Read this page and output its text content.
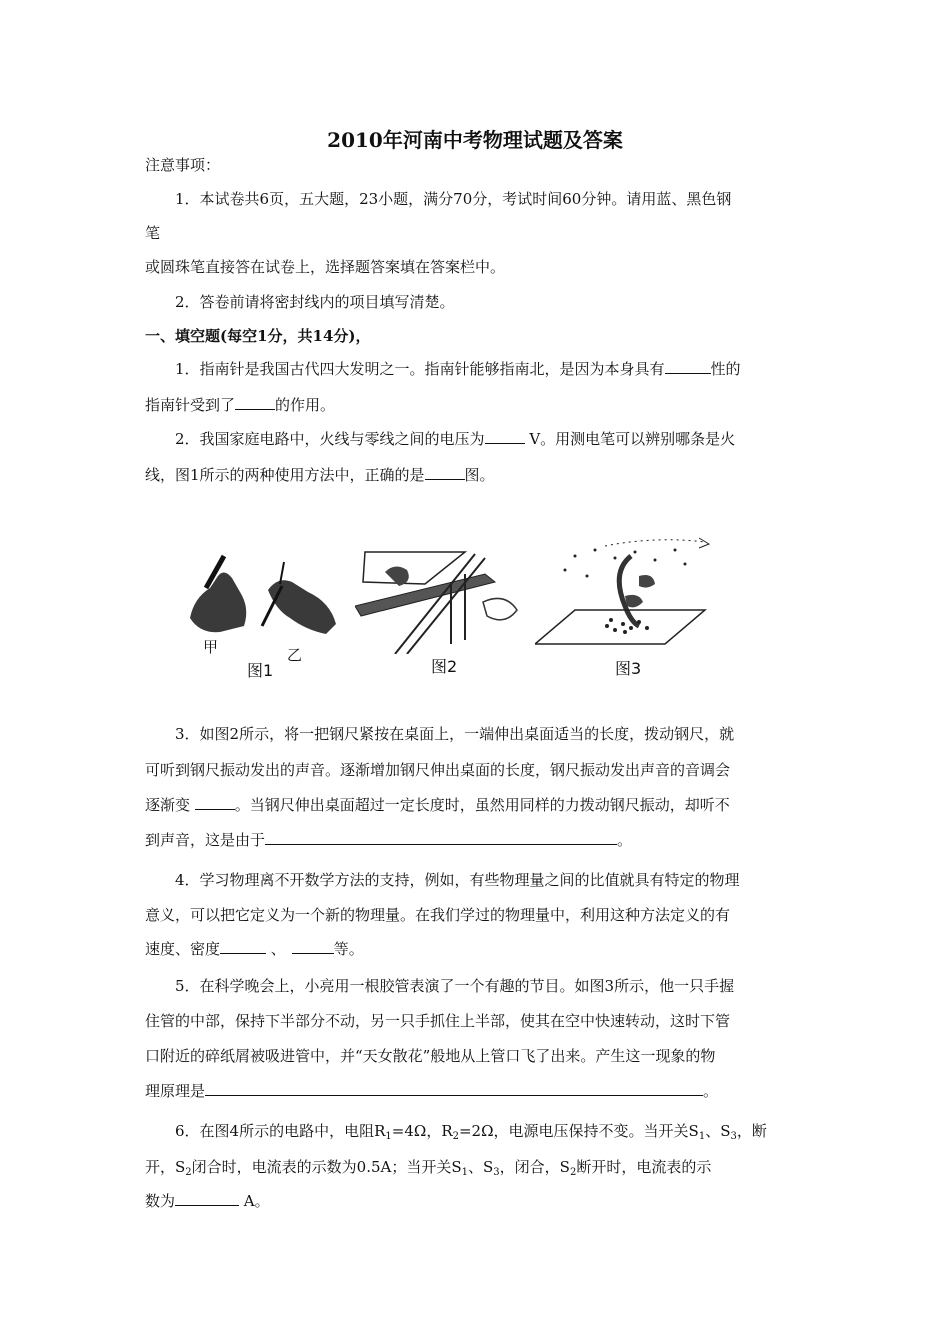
2010年河南中考物理试题及答案
注意事项：
1．本试卷共6页，五大题，23小题，满分70分，考试时间60分钟。请用蓝、黑色钢
笔
或圆珠笔直接答在试卷上，选择题答案填在答案栏中。
2．答卷前请将密封线内的项目填写清楚。
一、填空题(每空1分，共14分)，
1．指南针是我国古代四大发明之一。指南针能够指南北，是因为本身具有	性的
指南针受到了	的作用。
2．我国家庭电路中，火线与零线之间的电压为	V。用测电笔可以辨别哪条是火
线，图1所示的两种使用方法中，正确的是	图。
甲	乙
图1	图2	图3
3．如图2所示，将一把钢尺紧按在桌面上，一端伸出桌面适当的长度，拨动钢尺，就
可听到钢尺振动发出的声音。逐渐增加钢尺伸出桌面的长度，钢尺振动发出声音的音调会
逐渐变	。当钢尺伸出桌面超过一定长度时，虽然用同样的力拨动钢尺振动，却听不
到声音，这是由于	。
4．学习物理离不开数学方法的支持，例如，有些物理量之间的比值就具有特定的物理
意义，可以把它定义为一个新的物理量。在我们学过的物理量中，利用这种方法定义的有
速度、密度	、	等。
5．在科学晚会上，小亮用一根胶管表演了一个有趣的节目。如图3所示，他一只手握
住管的中部，保持下半部分不动，另一只手抓住上半部，使其在空中快速转动，这时下管
口附近的碎纸屑被吸进管中，并“天女散花”般地从上管口飞了出来。产生这一现象的物
理原理是	。
6．在图4所示的电路中，电阻$R_1=4\Omega$，$R_2=2\Omega$，电源电压保持不变。当开关$S_1$、$S_3$，断
开，$S_2$闭合时，电流表的示数为0.5A；当开关$S_1$、$S_3$，闭合，$S_2$断开时，电流表的示
数为	A。
